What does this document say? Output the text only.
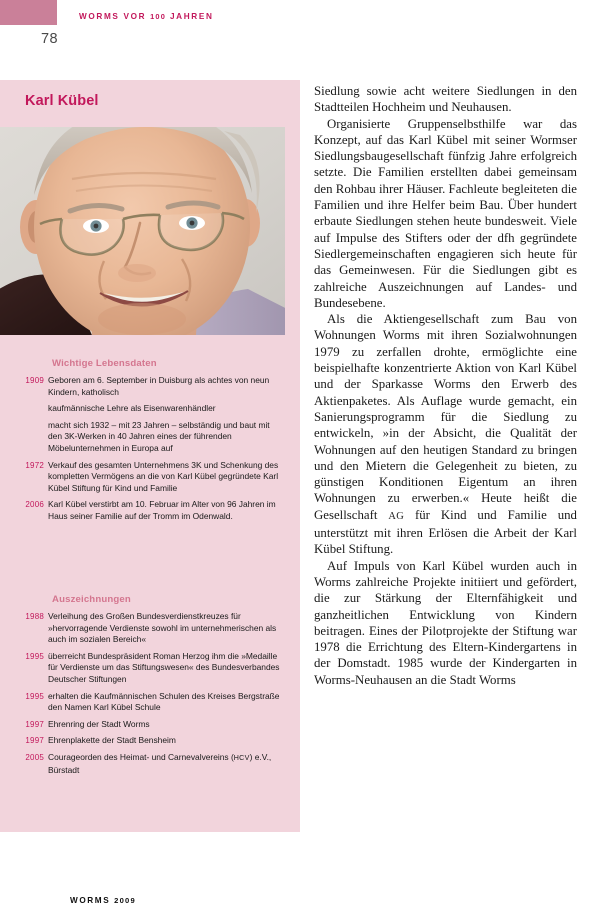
WORMS VOR 100 JAHREN
78
Karl Kübel
Wichtige Lebensdaten
1909 Geboren am 6. September in Duisburg als achtes von neun Kindern, katholisch
kaufmännische Lehre als Eisenwarenhändler
macht sich 1932 – mit 23 Jahren – selbständig und baut mit den 3K-Werken in 40 Jahren eines der führenden Möbelunternehmen in Europa auf
1972 Verkauf des gesamten Unternehmens 3K und Schenkung des kompletten Vermögens an die von Karl Kübel gegründete Karl Kübel Stiftung für Kind und Familie
2006 Karl Kübel verstirbt am 10. Februar im Alter von 96 Jahren im Haus seiner Familie auf der Tromm im Odenwald.
Auszeichnungen
1988 Verleihung des Großen Bundesverdienstkreuzes für »hervorragende Verdienste sowohl im unternehmerischen als auch im sozialen Bereich«
1995 überreicht Bundespräsident Roman Herzog ihm die »Medaille für Verdienste um das Stiftungswesen« des Bundesverbandes Deutscher Stiftungen
1995 erhalten die Kaufmännischen Schulen des Kreises Bergstraße den Namen Karl Kübel Schule
1997 Ehrenring der Stadt Worms
1997 Ehrenplakette der Stadt Bensheim
2005 Courageorden des Heimat- und Carnevalvereins (HCV) e.V., Bürstadt

Siedlung sowie acht weitere Siedlungen in den Stadtteilen Hochheim und Neuhausen.

Organisierte Gruppenselbsthilfe war das Konzept, auf das Karl Kübel mit seiner Wormser Siedlungsbaugesellschaft fünfzig Jahre erfolgreich setzte. Die Familien erstellten dabei gemeinsam den Rohbau ihrer Häuser. Fachleute begleiteten die Familien und ihre Helfer beim Bau. Über hundert erbaute Siedlungen stehen heute bundesweit. Viele auf Impulse des Stifters oder der dfh gegründete Siedlergemeinschaften engagieren sich heute für das Gemeinwesen. Für die Siedlungen gibt es zahlreiche Auszeichnungen auf Landes- und Bundesebene.

Als die Aktiengesellschaft zum Bau von Wohnungen Worms mit ihren Sozialwohnungen 1979 zu zerfallen drohte, ermöglichte eine beispielhafte konzentrierte Aktion von Karl Kübel und der Sparkasse Worms den Erwerb des Aktienpaketes. Als Auflage wurde gemacht, ein Sanierungsprogramm für die Siedlung zu entwickeln, »in der Absicht, die Qualität der Wohnungen auf den heutigen Standard zu bringen und den Mietern die Gelegenheit zu bieten, zu günstigen Konditionen Eigentum an ihren Wohnungen zu erwerben.« Heute heißt die Gesellschaft AG für Kind und Familie und unterstützt mit ihren Erlösen die Arbeit der Karl Kübel Stiftung.

Auf Impuls von Karl Kübel wurden auch in Worms zahlreiche Projekte initiiert und gefördert, die zur Stärkung der Elternfähigkeit und ganzheitlichen Entwicklung von Kindern beitragen. Eines der Pilotprojekte der Stiftung war 1978 die Errichtung des Eltern-Kindergartens in der Domstadt. 1985 wurde der Kindergarten in Worms-Neuhausen an die Stadt Worms

WORMS 2009
